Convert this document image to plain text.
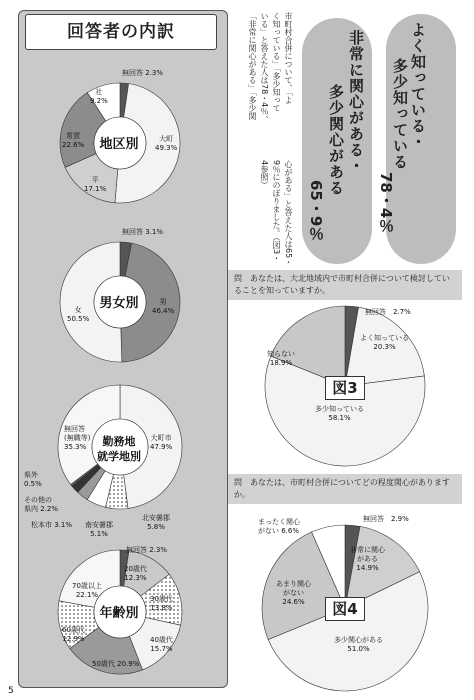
回答者の内訳
無回答 2.3%
社
9.2%
常賀
22.6%
大町
49.3%
平
17.1%
地区別
無回答 3.1%
男
46.4%
女
50.5%
男女別
無回答
(無職等)
35.3%
大町市
47.9%
県外
0.5%
その他の
県内 2.2%
松本市 3.1% 南安曇郡
5.1%
北安曇郡
5.8%
勤務地
就学地別
無回答 2.3%
20歳代
12.3%
30歳代
13.8%
40歳代
15.7%
50歳代 20.9%
60歳代
12.9%
70歳以上
22.1%
年齢別
市町村合併について、「よ
く知っている」「多少知って
いる」と答えた人は78・4％、
「非常に関心がある」「多少関
心がある」と答えた人は65・
9％にのぼりました。（図3・
4参照）
よく知っている・
多少知っている
78・4％
非常に関心がある・
多少関心がある
65・9％
問　あなたは、大北地域内で市町村合併について検討していることを知っていますか。
無回答　2.7%
よく知っている
20.3%
多少知っている
58.1%
知らない
18.9%
図3
問　あなたは、市町村合併についてどの程度関心がありますか。
無回答　2.9%
非常に関心
がある
14.9%
多少関心がある
51.0%
あまり関心
がない
24.6%
まったく関心
がない 6.6%
図4
5
